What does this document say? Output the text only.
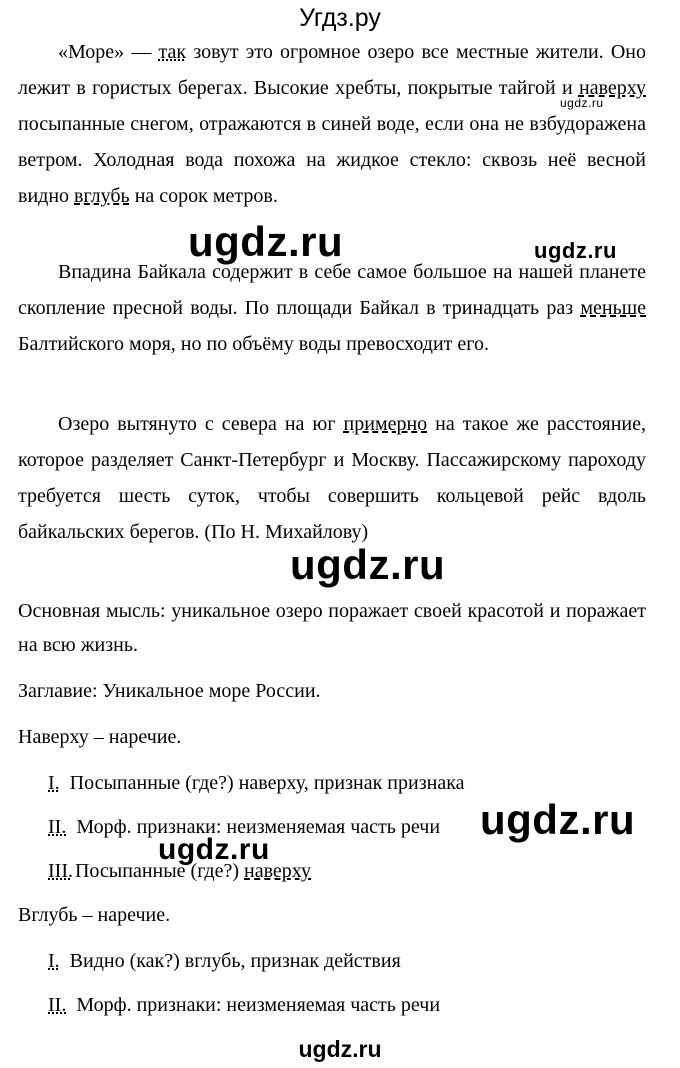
Угдз.ру

«Море» — так зовут это огромное озеро все местные жители. Оно лежит в гористых берегах. Высокие хребты, покрытые тайгой и наверху посыпанные снегом, отражаются в синей воде, если она не взбудоражена ветром. Холодная вода похожа на жидкое стекло: сквозь неё весной видно вглубь на сорок метров.

Впадина Байкала содержит в себе самое большое на нашей планете скопление пресной воды. По площади Байкал в тринадцать раз меньше Балтийского моря, но по объёму воды превосходит его.

Озеро вытянуто с севера на юг примерно на такое же расстояние, которое разделяет Санкт-Петербург и Москву. Пассажирскому пароходу требуется шесть суток, чтобы совершить кольцевой рейс вдоль байкальских берегов. (По Н. Михайлову)

Основная мысль: уникальное озеро поражает своей красотой и поражает на всю жизнь.

Заглавие: Уникальное море России.
Наверху – наречие.
I. Посыпанные (где?) наверху, признак признака
II. Морф. признаки: неизменяемая часть речи
III. Посыпанные (где?) наверху
Вглубь – наречие.
I. Видно (как?) вглубь, признак действия
II. Морф. признаки: неизменяемая часть речи
ugdz.ru
ugdz.ru	ugdz.ru
ugdz.ru
ugdz.ru
ugdz.ru
ugdz.ru
